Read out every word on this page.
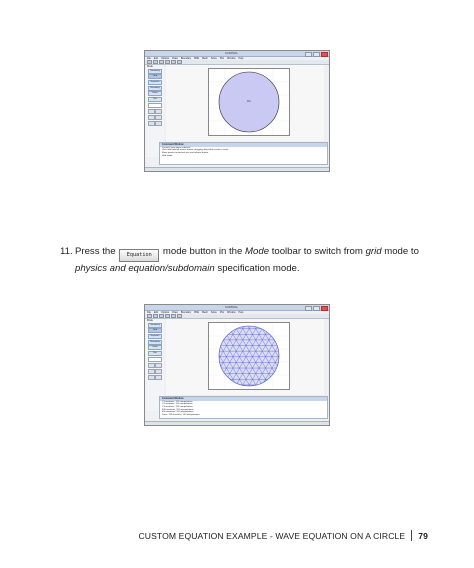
COMSOL
File Edit Options Draw Boundary PDE Mesh Solve Plot Window Help
Mode
Geometry
Grid
Equation
Boundary
Solve
Plot
C1
Command Window
Circle(s) have been selected.
Click and hold left mouse button, dragging above/left creates a circle.
Move pointer to desired size and release button.
Grid mode.
11. Press the Equation mode button in the Mode toolbar to switch from grid mode to physics and equation/subdomain specification mode.
COMSOL
File Edit Options Draw Boundary PDE Mesh Solve Plot Window Help
Mode
Geometry
Grid
Equation
Boundary
Solve
Plot
Command Window
C1 iterations, 112 interpolations
C2 iterations, 112 interpolations
C3 iterations, 112 interpolations
300 iterations, 112 interpolations
400 iterations, 112 interpolations
Done. 116 iterations, 100 interpolations
CUSTOM EQUATION EXAMPLE - WAVE EQUATION ON A CIRCLE 79
